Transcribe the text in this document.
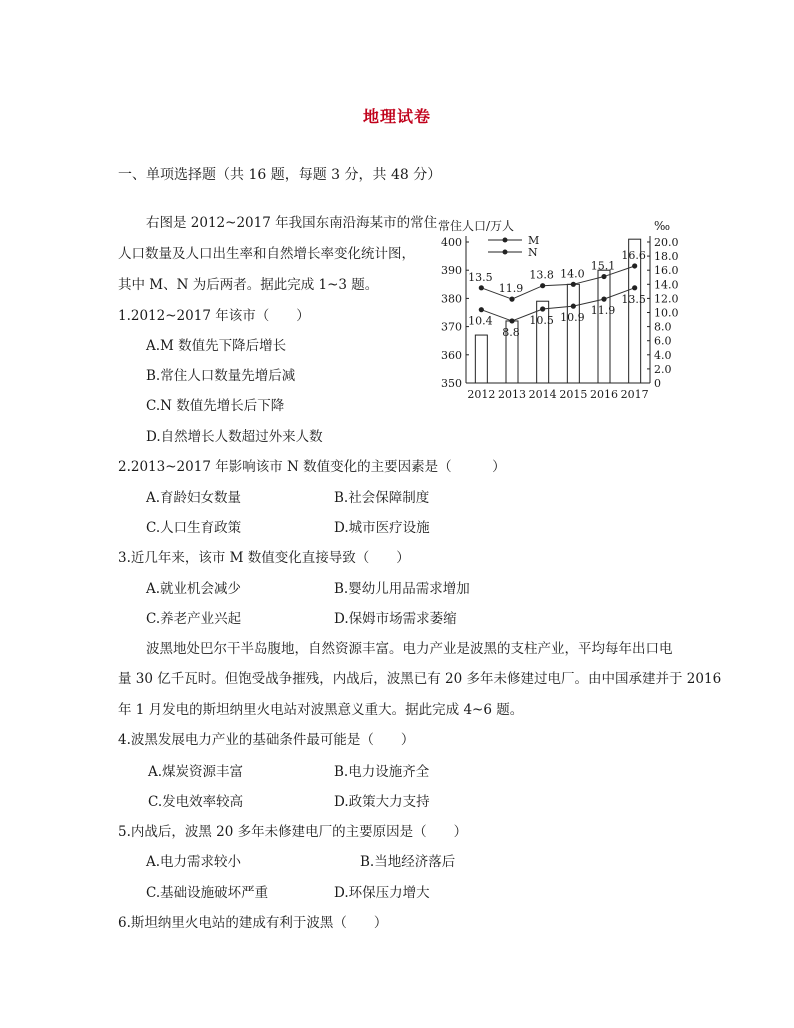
地理试卷
一、单项选择题（共 16 题，每题 3 分，共 48 分）
右图是 2012~2017 年我国东南沿海某市的常住
人口数量及人口出生率和自然增长率变化统计图，
其中 M、N 为后两者。据此完成 1~3 题。
1.2012~2017 年该市（　　）
A.M 数值先下降后增长
B.常住人口数量先增后减
C.N 数值先增长后下降
D.自然增长人数超过外来人数
2.2013~2017 年影响该市 N 数值变化的主要因素是（　　　）
A.育龄妇女数量	B.社会保障制度
C.人口生育政策	D.城市医疗设施
3.近几年来，该市 M 数值变化直接导致（　　）
A.就业机会减少	B.婴幼儿用品需求增加
C.养老产业兴起	D.保姆市场需求萎缩
波黑地处巴尔干半岛腹地，自然资源丰富。电力产业是波黑的支柱产业，平均每年出口电
量 30 亿千瓦时。但饱受战争摧残，内战后，波黑已有 20 多年未修建过电厂。由中国承建并于 2016
年 1 月发电的斯坦纳里火电站对波黑意义重大。据此完成 4~6 题。
4.波黑发展电力产业的基础条件最可能是（　　）
A.煤炭资源丰富	B.电力设施齐全
C.发电效率较高	D.政策大力支持
5.内战后，波黑 20 多年未修建电厂的主要原因是（　　）
A.电力需求较小	B.当地经济落后
C.基础设施破坏严重	D.环保压力增大
6.斯坦纳里火电站的建成有利于波黑（　　）
常住人口/万人	‰
M
N
400
390
380
370
360
350
20.0
18.0
16.0
14.0
12.0
10.0
8.0
6.0
4.0
2.0
0
13.5
11.9
13.8 14.0
15.1
16.6
10.4
8.8
10.5 10.9
11.9
13.5
2012 2013 2014 2015 2016 2017
